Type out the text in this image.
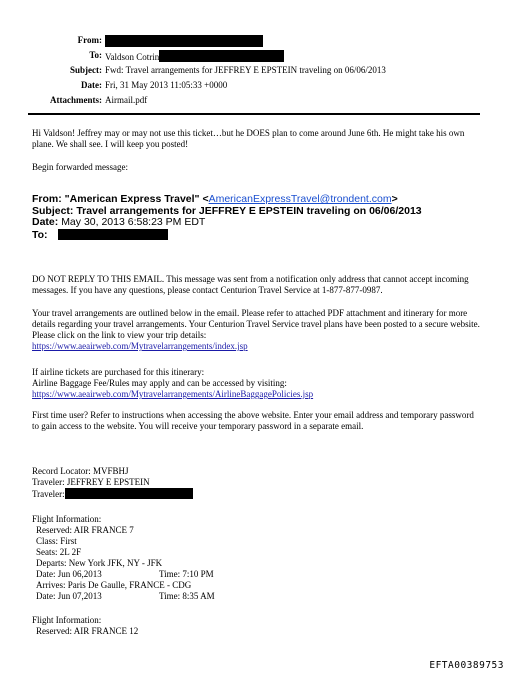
From:
To: Valdson Cotrin
Subject: Fwd: Travel arrangements for JEFFREY E EPSTEIN traveling on 06/06/2013
Date: Fri, 31 May 2013 11:05:33 +0000
Attachments: Airmail.pdf

Hi Valdson! Jeffrey may or may not use this ticket…but he DOES plan to come around June 6th. He might take his own plane. We shall see. I will keep you posted!

Begin forwarded message:

From: "American Express Travel" <AmericanExpressTravel@trondent.com>
Subject: Travel arrangements for JEFFREY E EPSTEIN traveling on 06/06/2013
Date: May 30, 2013 6:58:23 PM EDT
To:

DO NOT REPLY TO THIS EMAIL. This message was sent from a notification only address that cannot accept incoming messages. If you have any questions, please contact Centurion Travel Service at 1-877-877-0987.

Your travel arrangements are outlined below in the email. Please refer to attached PDF attachment and itinerary for more details regarding your travel arrangements. Your Centurion Travel Service travel plans have been posted to a secure website. Please click on the link to view your trip details:

https://www.aeairweb.com/Mytravelarrangements/index.jsp

If airline tickets are purchased for this itinerary:

Airline Baggage Fee/Rules may apply and can be accessed by visiting:

https://www.aeairweb.com/Mytravelarrangements/AirlineBaggagePolicies.jsp

First time user? Refer to instructions when accessing the above website. Enter your email address and temporary password to gain access to the website. You will receive your temporary password in a separate email.

Record Locator: MVFBHJ

Traveler: JEFFREY E EPSTEIN

Traveler:

Flight Information:

Reserved: AIR FRANCE 7

Class: First

Seats: 2L 2F

Departs: New York JFK, NY - JFK

Date: Jun 06,2013	Time: 7:10 PM

Arrives: Paris De Gaulle, FRANCE - CDG

Date: Jun 07,2013	Time: 8:35 AM

Flight Information:

Reserved: AIR FRANCE 12

EFTA00389753
